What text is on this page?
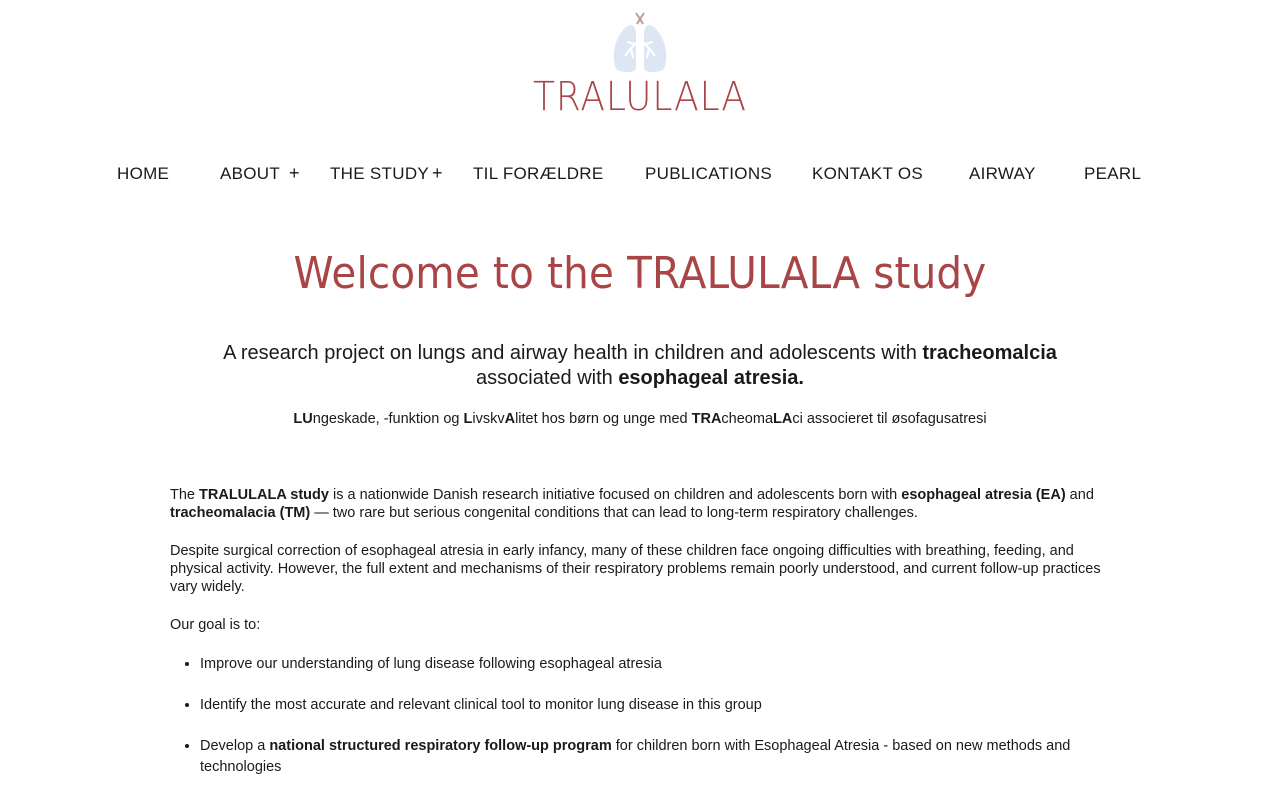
TRALULALA
HOME	ABOUT + THE STUDY + TIL FORÆLDRE PUBLICATIONS KONTAKT OS	AIRWAY	PEARL
Welcome to the TRALULALA study
A research project on lungs and airway health in children and adolescents with tracheomalcia
associated with esophageal atresia.
LUngeskade, -funktion og LivskvAlitet hos børn og unge med TRAcheomaLAci associeret til øsofagusatresi
The TRALULALA study is a nationwide Danish research initiative focused on children and adolescents born with esophageal atresia (EA) and
tracheomalacia (TM) — two rare but serious congenital conditions that can lead to long-term respiratory challenges.
Despite surgical correction of esophageal atresia in early infancy, many of these children face ongoing difficulties with breathing, feeding, and physical activity. However, the full extent and mechanisms of their respiratory problems remain poorly understood, and current follow-up practices vary widely.
Our goal is to:
• Improve our understanding of lung disease following esophageal atresia
• Identify the most accurate and relevant clinical tool to monitor lung disease in this group
• Develop a national structured respiratory follow-up program for children born with Esophageal Atresia - based on new methods and technologies
